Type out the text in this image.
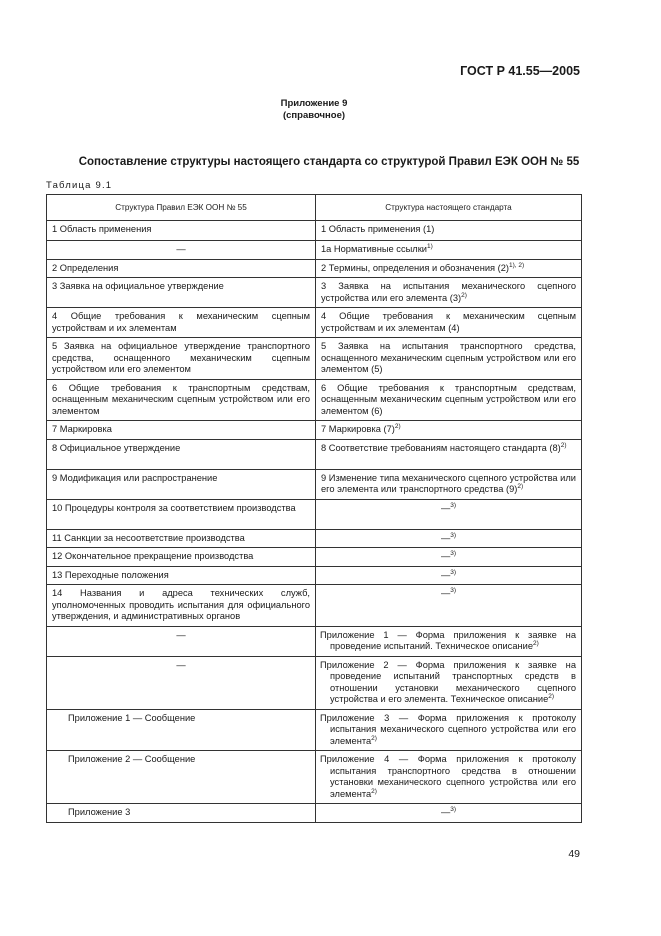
ГОСТ Р 41.55—2005
Приложение 9
(справочное)
Сопоставление структуры настоящего стандарта со структурой Правил ЕЭК ООН № 55
Таблица 9.1
Структура Правил ЕЭК ООН № 55	Структура настоящего стандарта
1 Область применения	1 Область применения (1)
—	1а Нормативные ссылки$^{1)}$
2 Определения	2 Термины, определения и обозначения $(2)^{1), 2)}$
3 Заявка на официальное утверждение	3 Заявка на испытания механического сцепного устройства или его элемента $(3)^{2)}$
4 Общие требования к механическим сцепным устройствам и их элементам	4 Общие требования к механическим сцепным устройствам и их элементам (4)
5 Заявка на официальное утверждение транспортного средства, оснащенного механическим сцепным устройством или его элементом	5 Заявка на испытания транспортного средства, оснащенного механическим сцепным устройством или его элементом (5)
6 Общие требования к транспортным средствам, оснащенным механическим сцепным устройством или его элементом	6 Общие требования к транспортным средствам, оснащенным механическим сцепным устройством или его элементом (6)
7 Маркировка	7 Маркировка $(7)^{2)}$
8 Официальное утверждение	8 Соответствие требованиям настоящего стандарта $(8)^{2)}$
9 Модификация или распространение	9 Изменение типа механического сцепного устройства или его элемента или транспортного средства $(9)^{2)}$
10 Процедуры контроля за соответствием производства	—$^{3)}$
11 Санкции за несоответствие производства	—$^{3)}$
12 Окончательное прекращение производства	—$^{3)}$
13 Переходные положения	—$^{3)}$
14 Названия и адреса технических служб, уполномоченных проводить испытания для официального утверждения, и административных органов	—$^{3)}$
—	Приложение 1 — Форма приложения к заявке на проведение испытаний. Техническое описание$^{2)}$
—	Приложение 2 — Форма приложения к заявке на проведение испытаний транспортных средств в отношении установки механического сцепного устройства и его элемента. Техническое описание$^{2)}$
Приложение 1 — Сообщение	Приложение 3 — Форма приложения к протоколу испытания механического сцепного устройства или его элемента$^{2)}$
Приложение 2 — Сообщение	Приложение 4 — Форма приложения к протоколу испытания транспортного средства в отношении установки механического сцепного устройства или его элемента$^{2)}$
Приложение 3	—$^{3)}$
49
